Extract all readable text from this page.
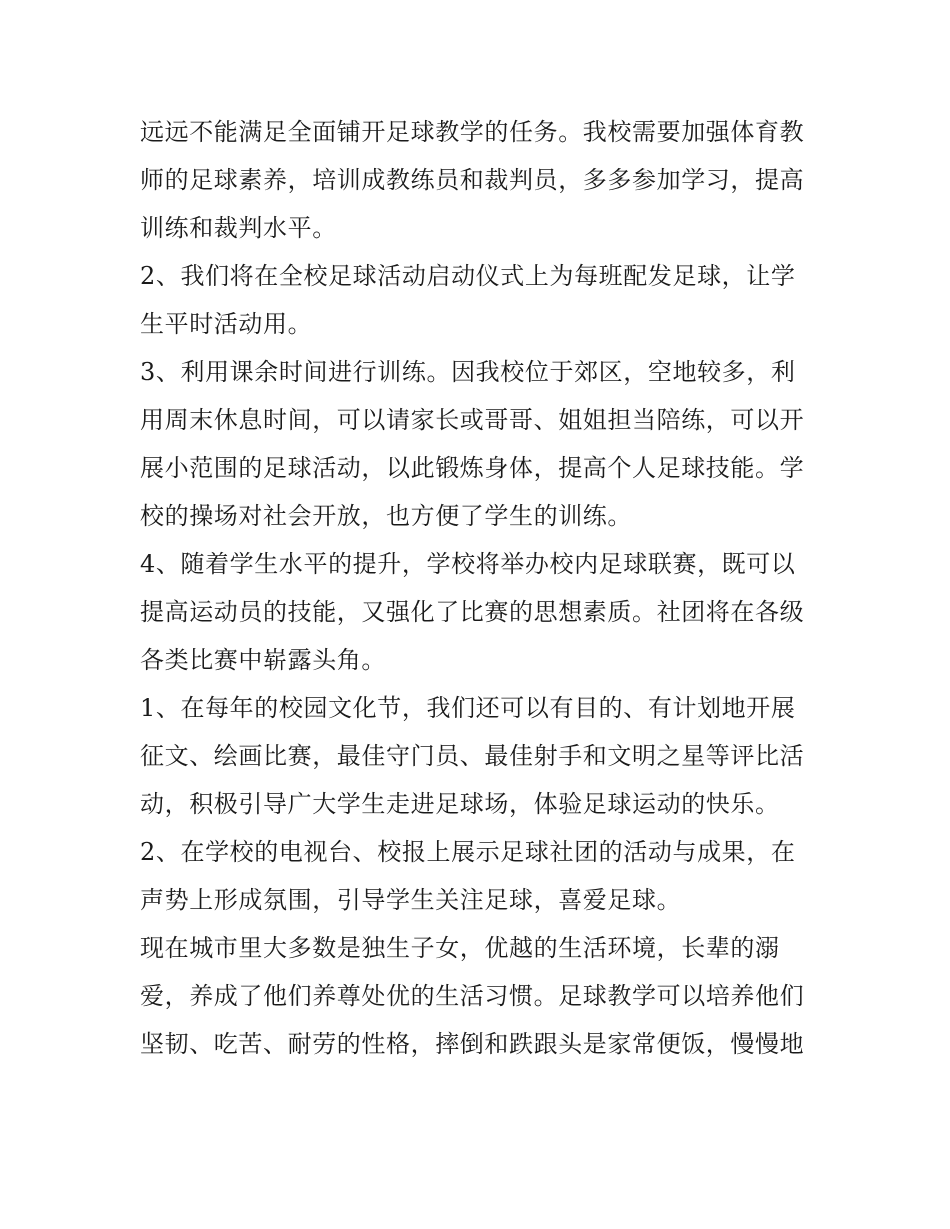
远远不能满足全面铺开足球教学的任务。我校需要加强体育教

师的足球素养，培训成教练员和裁判员，多多参加学习，提高

训练和裁判水平。

2、我们将在全校足球活动启动仪式上为每班配发足球，让学

生平时活动用。

3、利用课余时间进行训练。因我校位于郊区，空地较多，利

用周末休息时间，可以请家长或哥哥、姐姐担当陪练，可以开

展小范围的足球活动，以此锻炼身体，提高个人足球技能。学

校的操场对社会开放，也方便了学生的训练。

4、随着学生水平的提升，学校将举办校内足球联赛，既可以

提高运动员的技能，又强化了比赛的思想素质。社团将在各级

各类比赛中崭露头角。

1、在每年的校园文化节，我们还可以有目的、有计划地开展

征文、绘画比赛，最佳守门员、最佳射手和文明之星等评比活

动，积极引导广大学生走进足球场，体验足球运动的快乐。

2、在学校的电视台、校报上展示足球社团的活动与成果，在

声势上形成氛围，引导学生关注足球，喜爱足球。

现在城市里大多数是独生子女，优越的生活环境，长辈的溺

爱，养成了他们养尊处优的生活习惯。足球教学可以培养他们

坚韧、吃苦、耐劳的性格，摔倒和跌跟头是家常便饭，慢慢地
